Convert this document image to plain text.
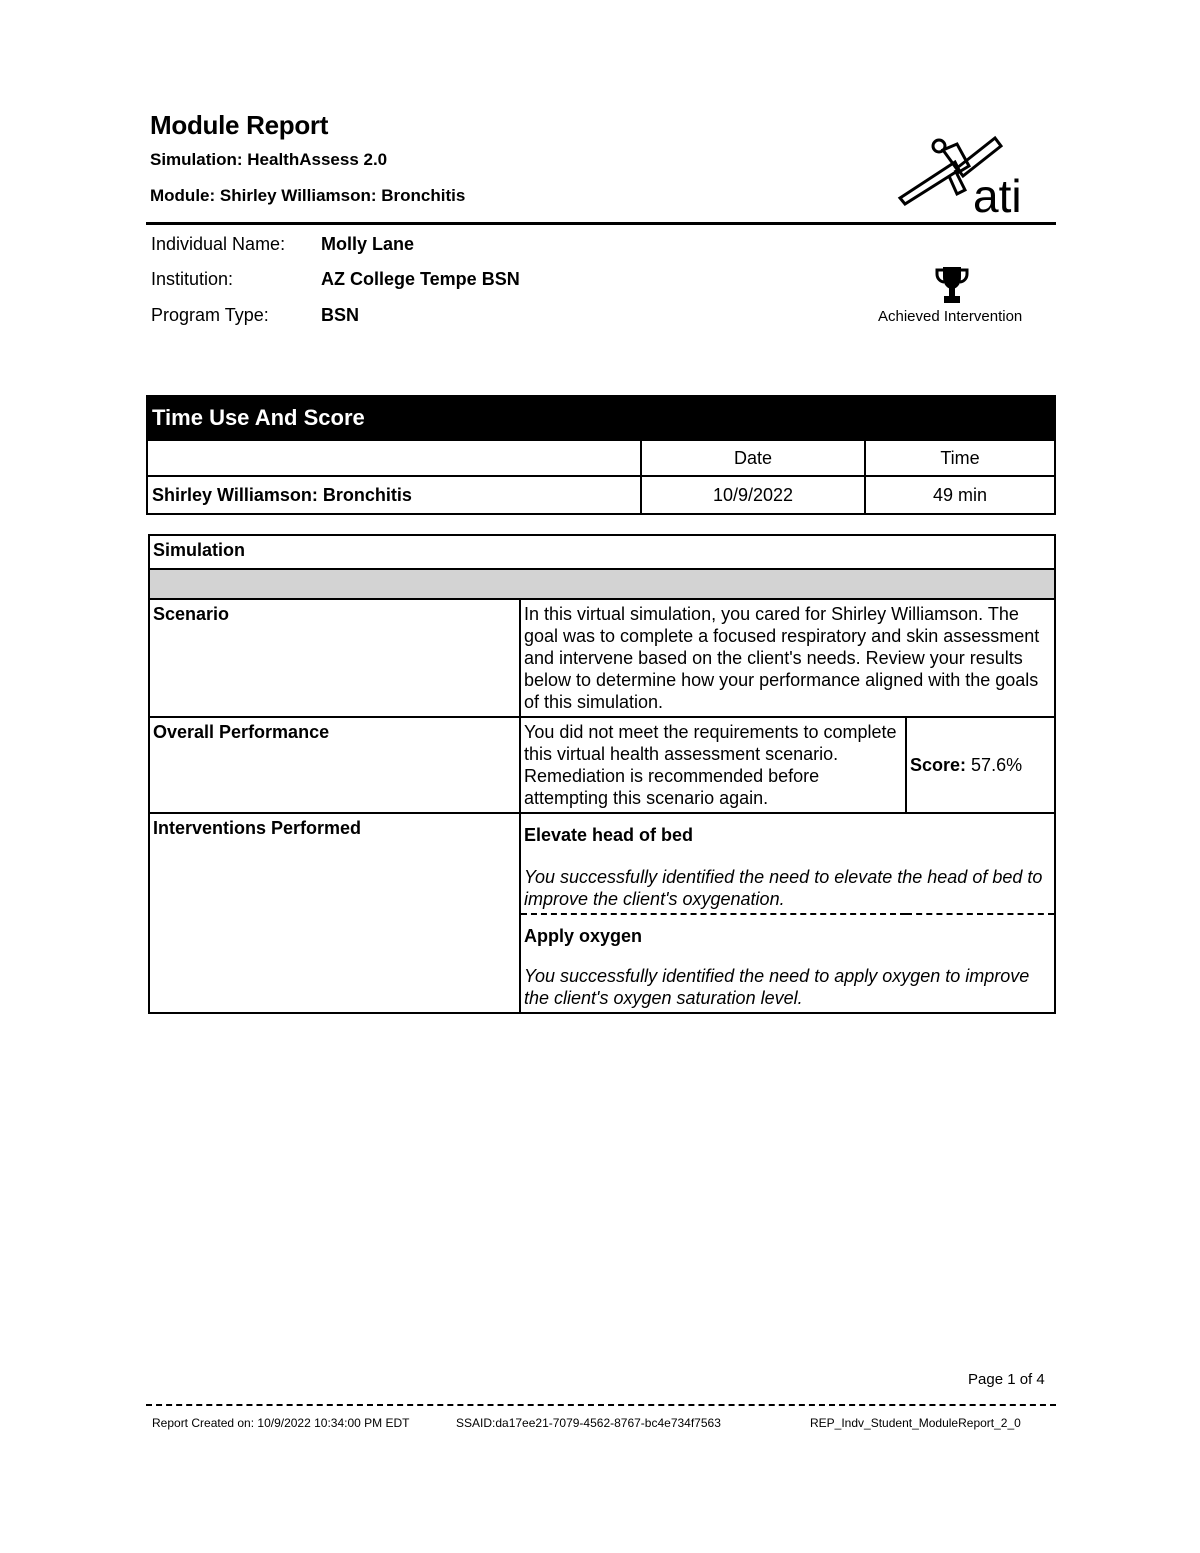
Module Report
Simulation: HealthAssess 2.0
Module: Shirley Williamson: Bronchitis	ati
Individual Name: Molly Lane
Institution:	AZ College Tempe BSN
Program Type:	BSN	Achieved Intervention
Time Use And Score		
	Date	Time
Shirley Williamson: Bronchitis	10/9/2022	49 min
Simulation		

Scenario	In this virtual simulation, you cared for Shirley Williamson. The goal was to complete a focused respiratory and skin assessment and intervene based on the client's needs. Review your results below to determine how your performance aligned with the goals of this simulation.	
Overall Performance	You did not meet the requirements to complete this virtual health assessment scenario. Remediation is recommended before attempting this scenario again.	Score: 57.6%
Interventions Performed	Elevate head of bed
You successfully identified the need to elevate the head of bed to improve the client's oxygenation.	

	Apply oxygen
You successfully identified the need to apply oxygen to improve the client's oxygen saturation level.	
Page 1 of 4
Report Created on: 10/9/2022 10:34:00 PM EDT	SSAID:da17ee21-7079-4562-8767-bc4e734f7563	REP_Indv_Student_ModuleReport_2_0
